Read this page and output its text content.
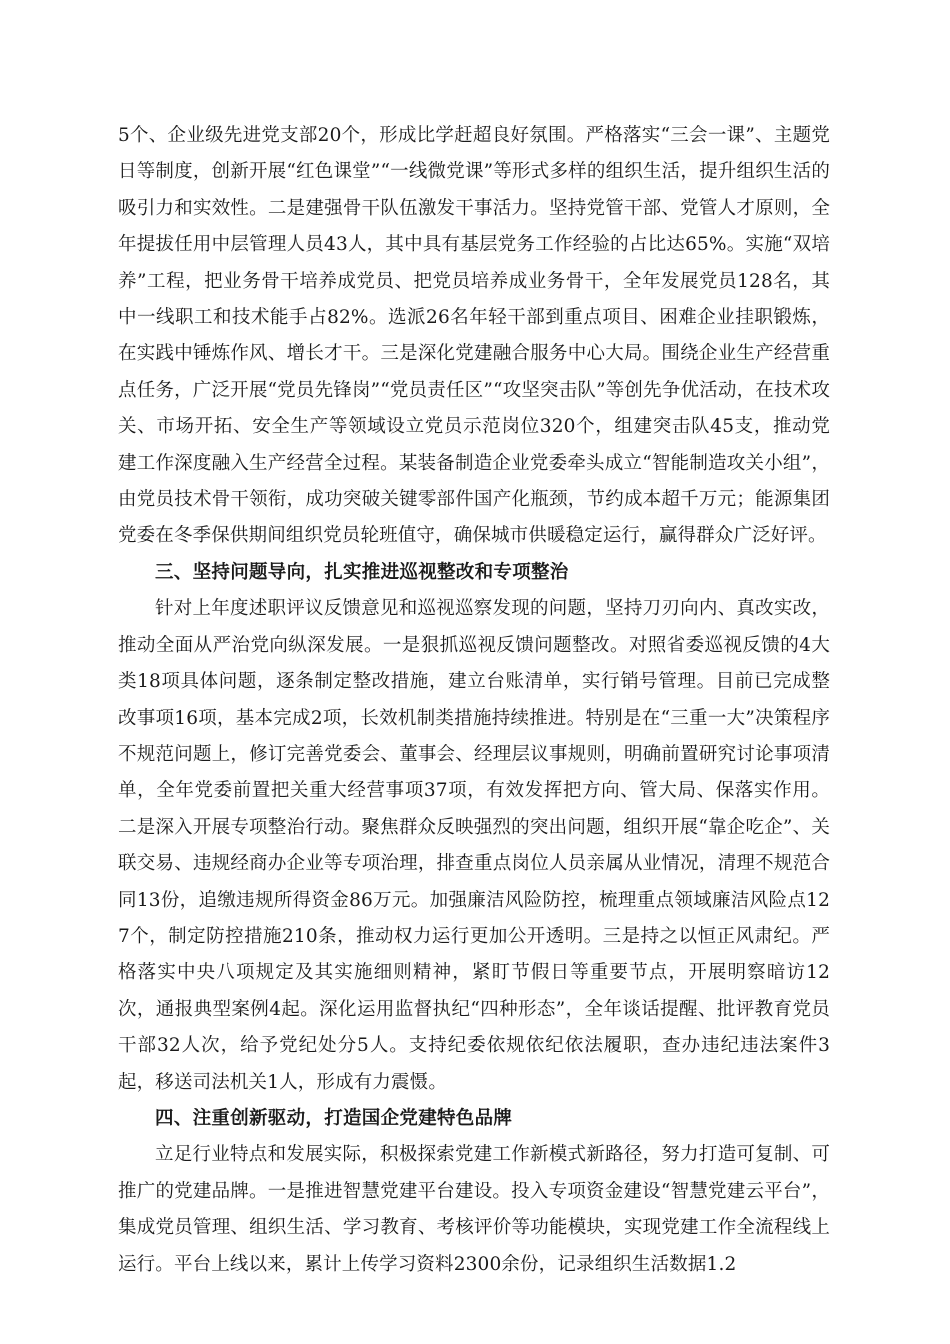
5个、企业级先进党支部20个，形成比学赶超良好氛围。严格落实“三会一课”、主题党日等制度，创新开展“红色课堂”“一线微党课”等形式多样的组织生活，提升组织生活的吸引力和实效性。二是建强骨干队伍激发干事活力。坚持党管干部、党管人才原则，全年提拔任用中层管理人员43人，其中具有基层党务工作经验的占比达65%。实施“双培养”工程，把业务骨干培养成党员、把党员培养成业务骨干，全年发展党员128名，其中一线职工和技术能手占82%。选派26名年轻干部到重点项目、困难企业挂职锻炼，在实践中锤炼作风、增长才干。三是深化党建融合服务中心大局。围绕企业生产经营重点任务，广泛开展“党员先锋岗”“党员责任区”“攻坚突击队”等创先争优活动，在技术攻关、市场开拓、安全生产等领域设立党员示范岗位320个，组建突击队45支，推动党建工作深度融入生产经营全过程。某装备制造企业党委牵头成立“智能制造攻关小组”，由党员技术骨干领衔，成功突破关键零部件国产化瓶颈，节约成本超千万元；能源集团党委在冬季保供期间组织党员轮班值守，确保城市供暖稳定运行，赢得群众广泛好评。

三、坚持问题导向，扎实推进巡视整改和专项整治

针对上年度述职评议反馈意见和巡视巡察发现的问题，坚持刀刃向内、真改实改，推动全面从严治党向纵深发展。一是狠抓巡视反馈问题整改。对照省委巡视反馈的4大类18项具体问题，逐条制定整改措施，建立台账清单，实行销号管理。目前已完成整改事项16项，基本完成2项，长效机制类措施持续推进。特别是在“三重一大”决策程序不规范问题上，修订完善党委会、董事会、经理层议事规则，明确前置研究讨论事项清单，全年党委前置把关重大经营事项37项，有效发挥把方向、管大局、保落实作用。二是深入开展专项整治行动。聚焦群众反映强烈的突出问题，组织开展“靠企吃企”、关联交易、违规经商办企业等专项治理，排查重点岗位人员亲属从业情况，清理不规范合同13份，追缴违规所得资金86万元。加强廉洁风险防控，梳理重点领域廉洁风险点127个，制定防控措施210条，推动权力运行更加公开透明。三是持之以恒正风肃纪。严格落实中央八项规定及其实施细则精神，紧盯节假日等重要节点，开展明察暗访12次，通报典型案例4起。深化运用监督执纪“四种形态”，全年谈话提醒、批评教育党员干部32人次，给予党纪处分5人。支持纪委依规依纪依法履职，查办违纪违法案件3起，移送司法机关1人，形成有力震慑。

四、注重创新驱动，打造国企党建特色品牌

立足行业特点和发展实际，积极探索党建工作新模式新路径，努力打造可复制、可推广的党建品牌。一是推进智慧党建平台建设。投入专项资金建设“智慧党建云平台”，集成党员管理、组织生活、学习教育、考核评价等功能模块，实现党建工作全流程线上运行。平台上线以来，累计上传学习资料2300余份，记录组织生活数据1.2
